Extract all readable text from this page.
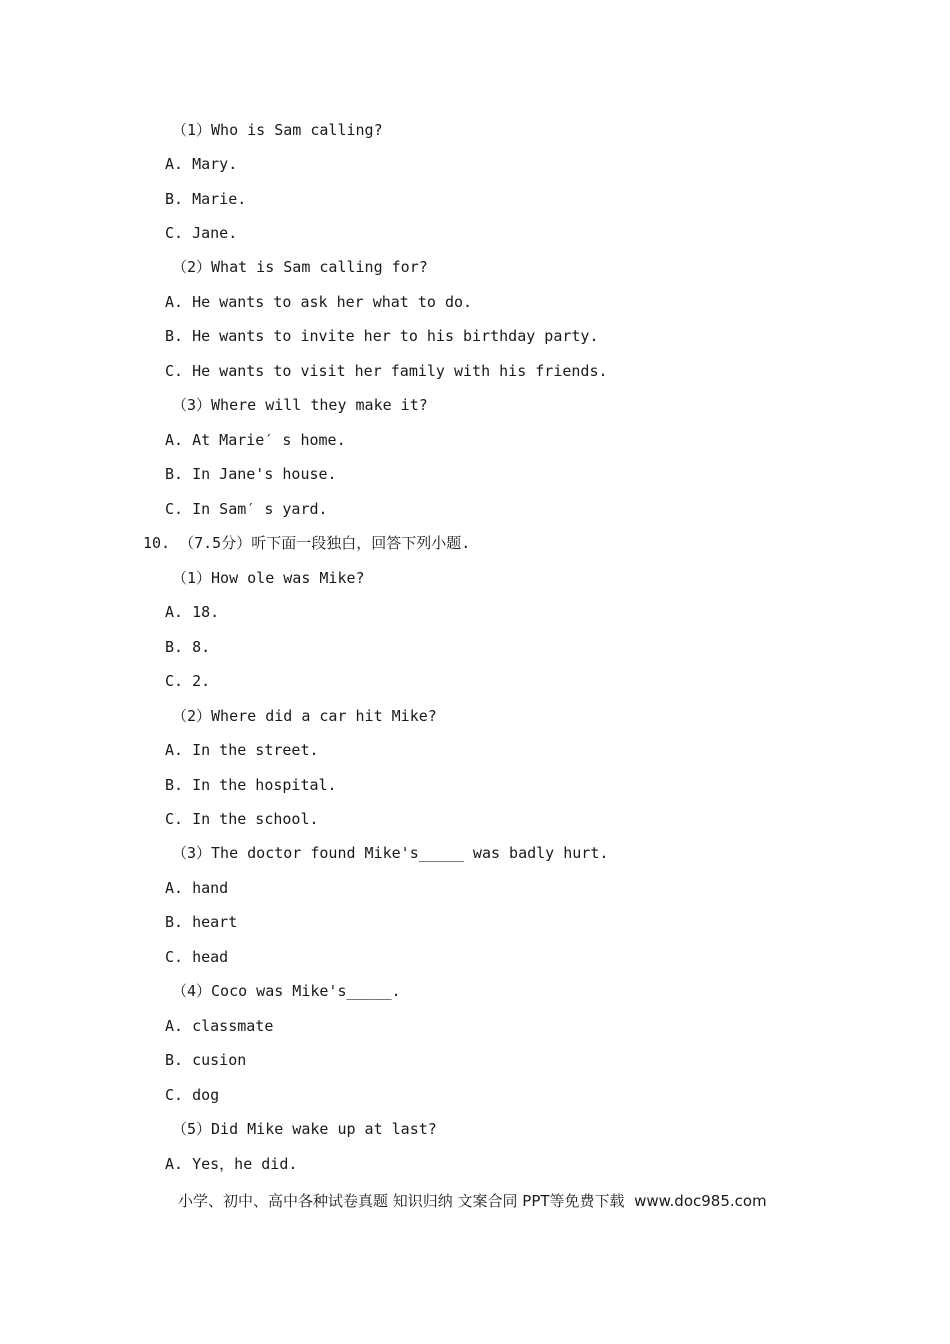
（1）Who is Sam calling?
A. Mary.
B. Marie.
C. Jane.
（2）What is Sam calling for?
A. He wants to ask her what to do.
B. He wants to invite her to his birthday party.
C. He wants to visit her family with his friends.
（3）Where will they make it?
A. At Marie′ s home.
B. In Jane's house.
C. In Sam′ s yard.
10. （7.5分）听下面一段独白，回答下列小题.
（1）How ole was Mike?
A. 18.
B. 8.
C. 2.
（2）Where did a car hit Mike?
A. In the street.
B. In the hospital.
C. In the school.
（3）The doctor found Mike's_____ was badly hurt.
A. hand
B. heart
C. head
（4）Coco was Mike's_____.
A. classmate
B. cusion
C. dog
（5）Did Mike wake up at last?
A. Yes，he did.
小学、初中、高中各种试卷真题 知识归纳 文案合同 PPT等免费下载  www.doc985.com
